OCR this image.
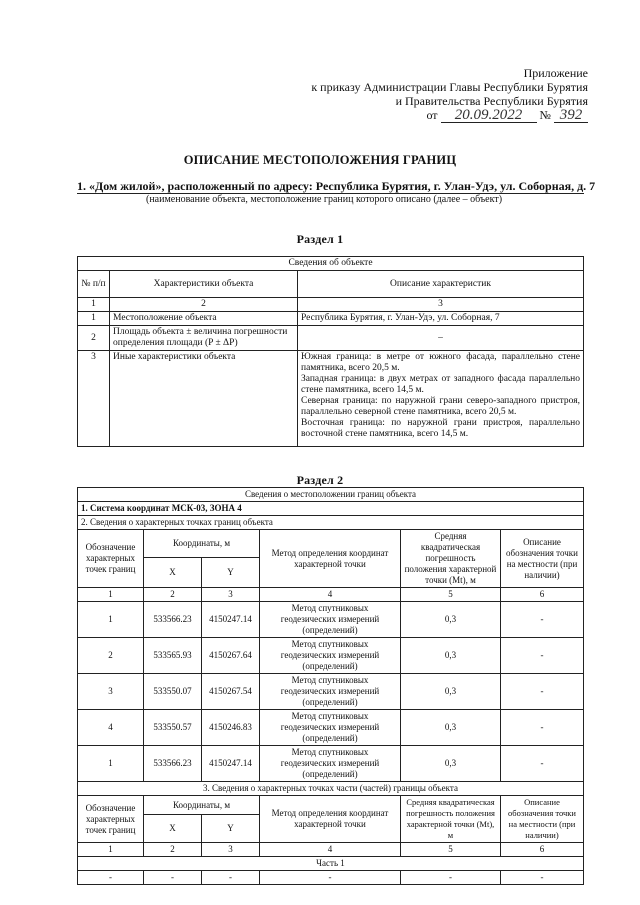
Приложение
к приказу Администрации Главы Республики Бурятия
и Правительства Республики Бурятия
от 20.09.2022 № 392
ОПИСАНИЕ МЕСТОПОЛОЖЕНИЯ ГРАНИЦ
1. «Дом жилой», расположенный по адресу: Республика Бурятия, г. Улан-Удэ, ул. Соборная, д. 7
(наименование объекта, местоположение границ которого описано (далее – объект)
Раздел 1
Сведения об объекте		
№ п/п	Характеристики объекта	Описание характеристик
1	2	3
1	Местоположение объекта	Республика Бурятия, г. Улан-Удэ, ул. Соборная, 7
2	Площадь объекта ± величина погрешности определения площади (P ± ΔP)	–
3	Иные характеристики объекта	Южная граница: в метре от южного фасада, параллельно стене памятника, всего 20,5 м.
Западная граница: в двух метрах от западного фасада параллельно стене памятника, всего 14,5 м.
Северная граница: по наружной грани северо-западного пристроя, параллельно северной стене памятника, всего 20,5 м.
Восточная граница: по наружной грани пристроя, параллельно восточной стене памятника, всего 14,5 м.
Раздел 2
Сведения о местоположении границ объекта					
1. Система координат МСК-03, ЗОНА 4					
2. Сведения о характерных точках границ объекта					
Обозначение характерных точек границ	Координаты, м		Метод определения координат характерной точки	Средняя квадратическая погрешность положения характерной точки (Mt), м	Описание обозначения точки на местности (при наличии)
	X	Y			
1	2	3	4	5	6
1	533566.23	4150247.14	Метод спутниковых геодезических измерений (определений)	0,3	-
2	533565.93	4150267.64	Метод спутниковых геодезических измерений (определений)	0,3	-
3	533550.07	4150267.54	Метод спутниковых геодезических измерений (определений)	0,3	-
4	533550.57	4150246.83	Метод спутниковых геодезических измерений (определений)	0,3	-
1	533566.23	4150247.14	Метод спутниковых геодезических измерений (определений)	0,3	-
3. Сведения о характерных точках части (частей) границы объекта					
Обозначение характерных точек границ	Координаты, м		Метод определения координат характерной точки	Средняя квадратическая погрешность положения характерной точки (Mt), м	Описание обозначения точки на местности (при наличии)
	X	Y			
1	2	3	4	5	6
Часть 1					
-	-	-	-	-	-
